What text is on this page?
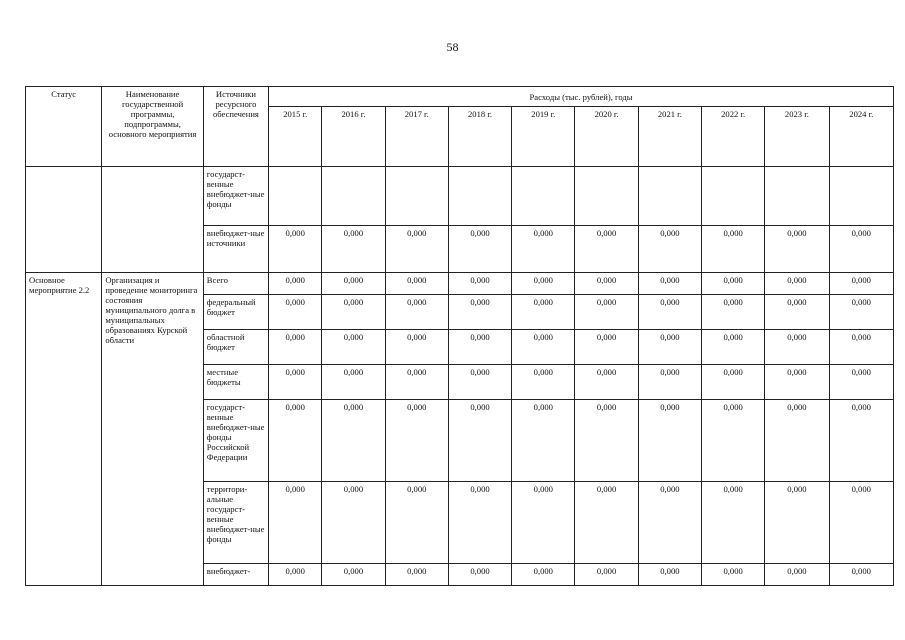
58
Статус	Наименование государственной программы, подпрограммы, основного мероприятия	Источники ресурсного обеспечения	Расходы (тыс. рублей), годы									
			2015 г.	2016 г.	2017 г.	2018 г.	2019 г.	2020 г.	2021 г.	2022 г.	2023 г.	2024 г.
		государст-венные внебюджет-ные фонды										
		внебюджет-ные источники	0,000	0,000	0,000	0,000	0,000	0,000	0,000	0,000	0,000	0,000
Основное мероприятие 2.2	Организация и проведение мониторинга состояния муниципального долга в муниципальных образованиях Курской области	Всего	0,000	0,000	0,000	0,000	0,000	0,000	0,000	0,000	0,000	0,000
		федеральный бюджет	0,000	0,000	0,000	0,000	0,000	0,000	0,000	0,000	0,000	0,000
		областной бюджет	0,000	0,000	0,000	0,000	0,000	0,000	0,000	0,000	0,000	0,000
		местные бюджеты	0,000	0,000	0,000	0,000	0,000	0,000	0,000	0,000	0,000	0,000
		государст-венные внебюджет-ные фонды Российской Федерации	0,000	0,000	0,000	0,000	0,000	0,000	0,000	0,000	0,000	0,000
		территори-альные государст-венные внебюджет-ные фонды	0,000	0,000	0,000	0,000	0,000	0,000	0,000	0,000	0,000	0,000
		внебюджет-	0,000	0,000	0,000	0,000	0,000	0,000	0,000	0,000	0,000	0,000
